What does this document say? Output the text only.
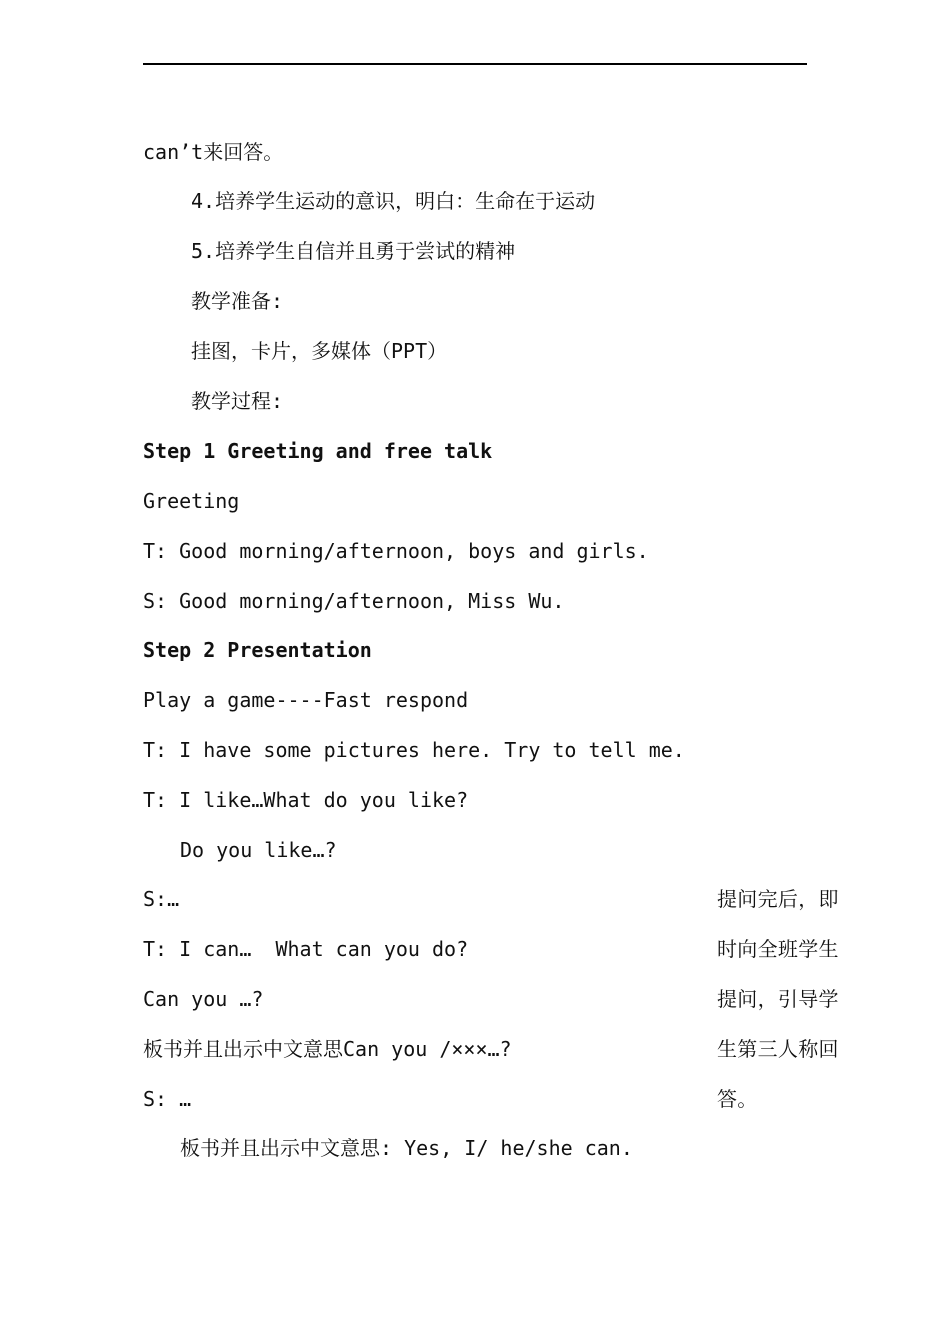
can’t来回答。
4.培养学生运动的意识，明白：生命在于运动
5.培养学生自信并且勇于尝试的精神
教学准备:
挂图，卡片，多媒体（PPT）
教学过程:
Step 1 Greeting and free talk
Greeting
T: Good morning/afternoon, boys and girls.
S: Good morning/afternoon, Miss Wu.
Step 2 Presentation
Play a game----Fast respond
T: I have some pictures here. Try to tell me.
T: I like…What do you like?
Do you like…?
S:…
T: I can…  What can you do?
Can you …?
板书并且出示中文意思Can you /×××…?
S: …
板书并且出示中文意思: Yes, I/ he/she can.
提问完后，即
时向全班学生
提问，引导学
生第三人称回
答。
